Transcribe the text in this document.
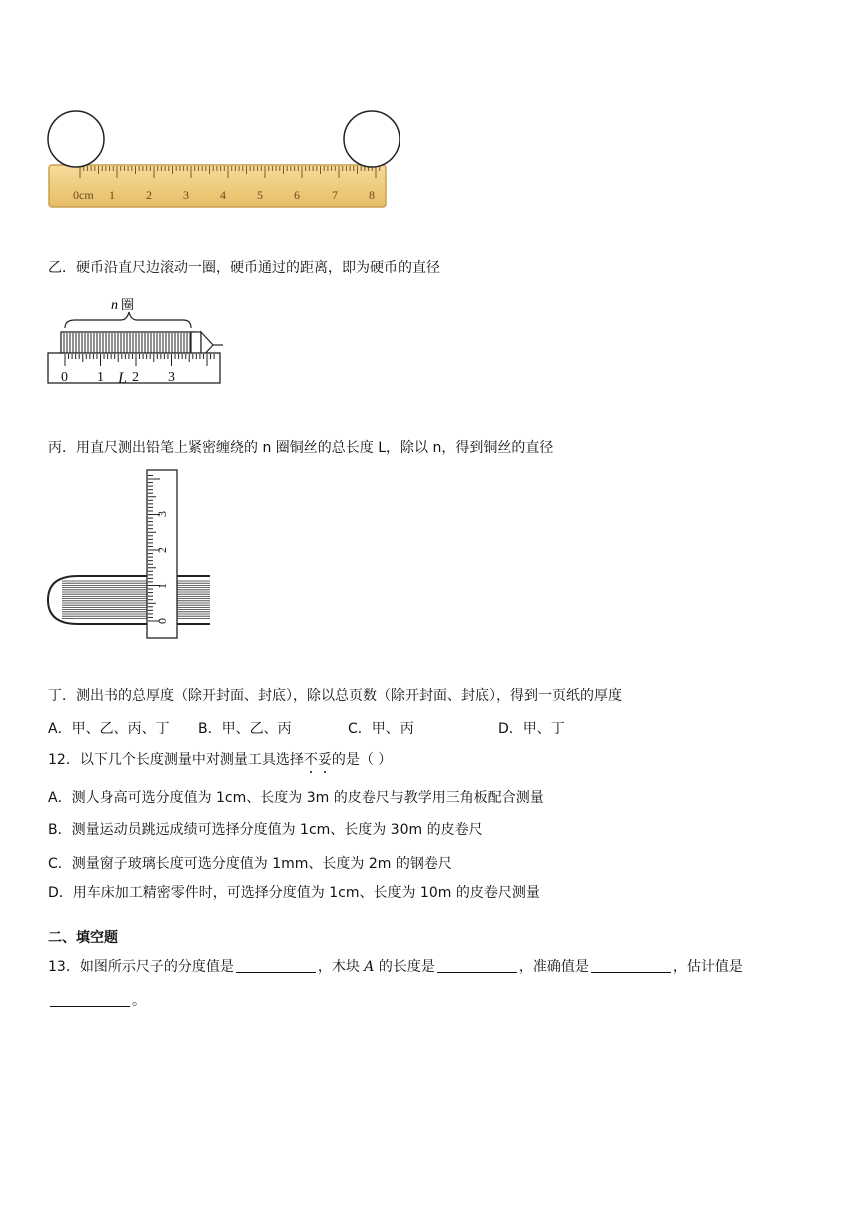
0cm 1	2	3	4	5	6	7	8
乙．硬币沿直尺边滚动一圈，硬币通过的距离，即为硬币的直径
n 圈
0 1 2 3
L
丙．用直尺测出铅笔上紧密缠绕的 n 圈铜丝的总长度 L，除以 n，得到铜丝的直径
0
1
2
3
丁．测出书的总厚度（除开封面、封底），除以总页数（除开封面、封底），得到一页纸的厚度
A．甲、乙、丙、丁 B．甲、乙、丙	C．甲、丙	D．甲、丁
12．以下几个长度测量中对测量工具选择不妥的是（ ）
A．测人身高可选分度值为 1cm、长度为 3m 的皮卷尺与教学用三角板配合测量
B．测量运动员跳远成绩可选择分度值为 1cm、长度为 30m 的皮卷尺
C．测量窗子玻璃长度可选分度值为 1mm、长度为 2m 的钢卷尺
D．用车床加工精密零件时，可选择分度值为 1cm、长度为 10m 的皮卷尺测量
二、填空题
13．如图所示尺子的分度值是	，木块 A 的长度是	，准确值是	，估计值是
。
